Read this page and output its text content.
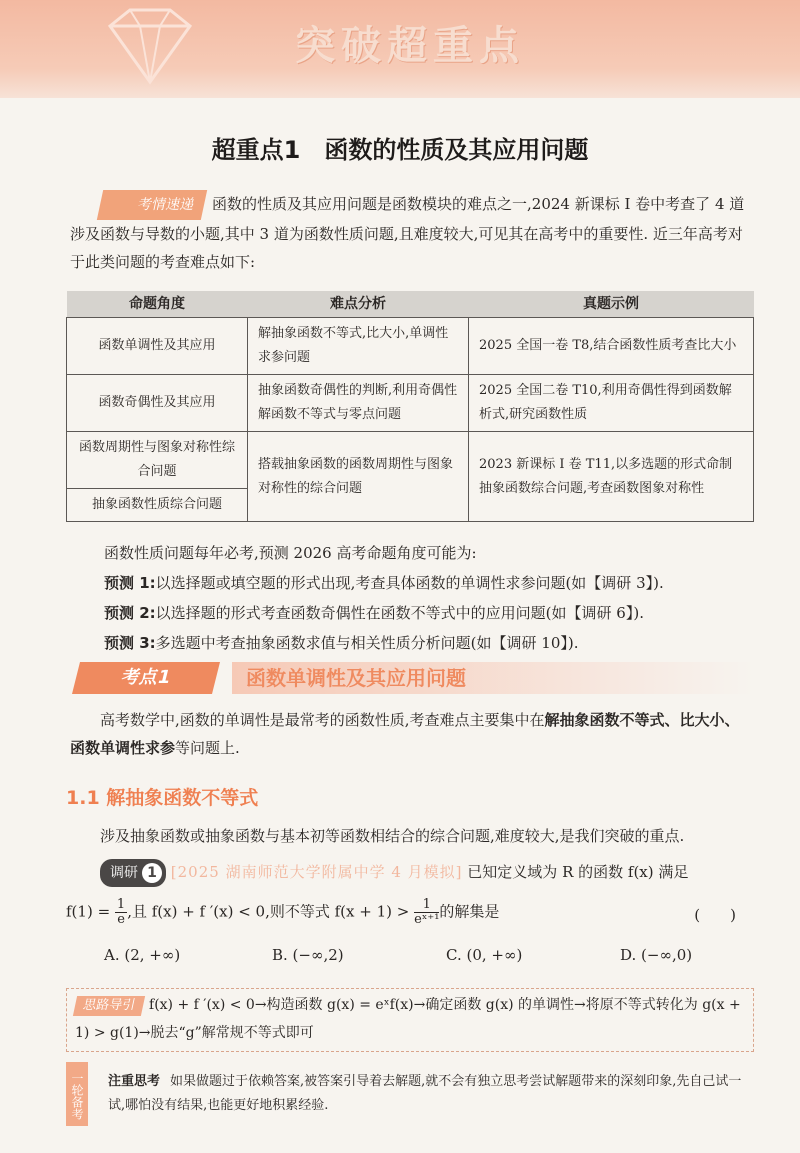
突破超重点
超重点1　函数的性质及其应用问题
考情速递 函数的性质及其应用问题是函数模块的难点之一,2024 新课标 Ⅰ 卷中考查了 4 道涉及函数与导数的小题,其中 3 道为函数性质问题,且难度较大,可见其在高考中的重要性. 近三年高考对于此类问题的考查难点如下:
命题角度	难点分析	真题示例
函数单调性及其应用	解抽象函数不等式,比大小,单调性求参问题	2025 全国一卷 T8,结合函数性质考查比大小
函数奇偶性及其应用	抽象函数奇偶性的判断,利用奇偶性解函数不等式与零点问题	2025 全国二卷 T10,利用奇偶性得到函数解析式,研究函数性质
函数周期性与图象对称性综合问题	搭载抽象函数的函数周期性与图象对称性的综合问题	2023 新课标 Ⅰ 卷 T11,以多选题的形式命制抽象函数综合问题,考查函数图象对称性
抽象函数性质综合问题		
函数性质问题每年必考,预测 2026 高考命题角度可能为:
预测 1:以选择题或填空题的形式出现,考查具体函数的单调性求参问题(如【调研 3】).
预测 2:以选择题的形式考查函数奇偶性在函数不等式中的应用问题(如【调研 6】).
预测 3:多选题中考查抽象函数求值与相关性质分析问题(如【调研 10】).
考点1	函数单调性及其应用问题
高考数学中,函数的单调性是最常考的函数性质,考查难点主要集中在解抽象函数不等式、比大小、函数单调性求参等问题上.
1.1 解抽象函数不等式
涉及抽象函数或抽象函数与基本初等函数相结合的综合问题,难度较大,是我们突破的重点.
调研 1 [2025 湖南师范大学附属中学 4 月模拟] 已知定义域为 R 的函数 f(x) 满足
$f(1) = \frac{1}{e}$ ,且 f(x) + f ′(x) < 0,则不等式 $f(x + 1) > \frac{1}{\text{eˣ⁺¹}}$ 的解集是	(　　)
A. (2, +∞)	B. (−∞,2)	C. (0, +∞)	D. (−∞,0)
思路导引 f(x) + f ′(x) < 0→构造函数 g(x) = eˣf(x)→确定函数 g(x) 的单调性→将原不等式转化为 g(x + 1) > g(1)→脱去“g”解常规不等式即可
一轮备考	注重思考 如果做题过于依赖答案,被答案引导着去解题,就不会有独立思考尝试解题带来的深刻印象,先自己试一试,哪怕没有结果,也能更好地积累经验.
